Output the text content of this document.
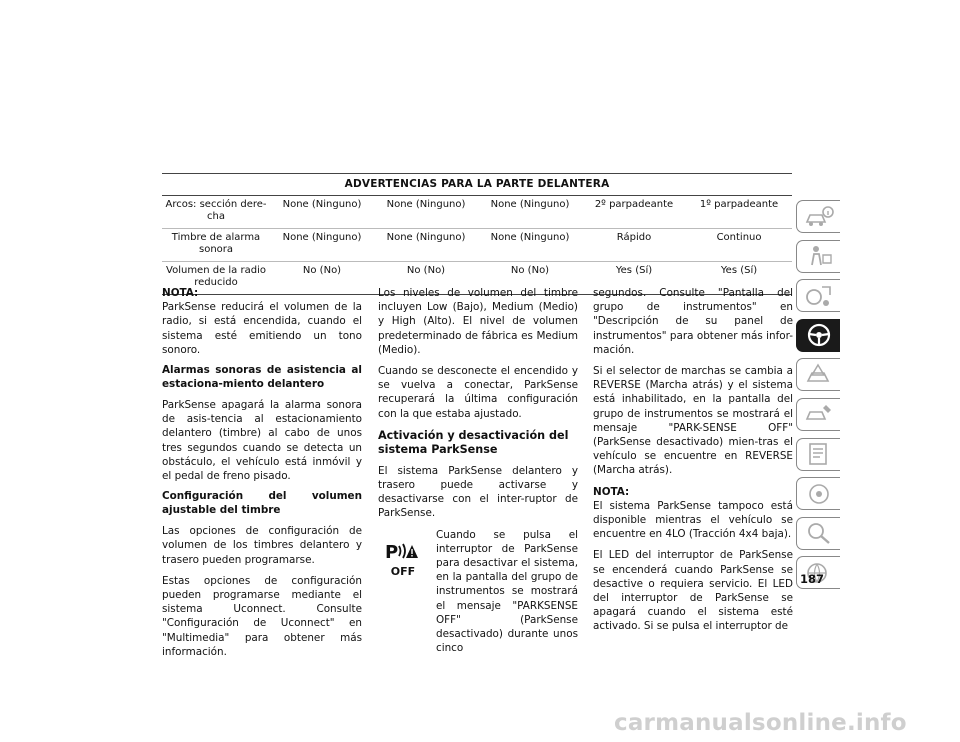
ADVERTENCIAS PARA LA PARTE DELANTERA					
Arcos: sección dere-cha	None (Ninguno)	None (Ninguno)	None (Ninguno)	2º parpadeante	1º parpadeante
Timbre de alarma sonora	None (Ninguno)	None (Ninguno)	None (Ninguno)	Rápido	Continuo
Volumen de la radio reducido	No (No)	No (No)	No (No)	Yes (Sí)	Yes (Sí)

NOTA:

ParkSense reducirá el volumen de la radio, si está encendida, cuando el sistema esté emitiendo un tono sonoro.

Alarmas sonoras de asistencia al estaciona-miento delantero

ParkSense apagará la alarma sonora de asis-tencia al estacionamiento delantero (timbre) al cabo de unos tres segundos cuando se detecta un obstáculo, el vehículo está inmóvil y el pedal de freno pisado.

Configuración del volumen ajustable del timbre

Las opciones de configuración de volumen de los timbres delantero y trasero pueden programarse.

Estas opciones de configuración pueden programarse mediante el sistema Uconnect. Consulte "Configuración de Uconnect" en "Multimedia" para obtener más información.

Los niveles de volumen del timbre incluyen Low (Bajo), Medium (Medio) y High (Alto). El nivel de volumen predeterminado de fábrica es Medium (Medio).

Cuando se desconecte el encendido y se vuelva a conectar, ParkSense recuperará la última configuración con la que estaba ajustado.

Activación y desactivación del sistema ParkSense

El sistema ParkSense delantero y trasero puede activarse y desactivarse con el inter-ruptor de ParkSense.

P
OFF
Cuando se pulsa el interruptor de ParkSense para desactivar el sistema, en la pantalla del grupo de instrumentos se mostrará el mensaje "PARKSENSE OFF" (ParkSense desactivado) durante unos cinco

segundos. Consulte "Pantalla del grupo de instrumentos" en "Descripción de su panel de instrumentos" para obtener más infor-mación.

Si el selector de marchas se cambia a REVERSE (Marcha atrás) y el sistema está inhabilitado, en la pantalla del grupo de instrumentos se mostrará el mensaje "PARK-SENSE OFF" (ParkSense desactivado) mien-tras el vehículo se encuentre en REVERSE (Marcha atrás).

NOTA:

El sistema ParkSense tampoco está disponible mientras el vehículo se encuentre en 4LO (Tracción 4x4 baja).

El LED del interruptor de ParkSense se encenderá cuando ParkSense se desactive o requiera servicio. El LED del interruptor de ParkSense se apagará cuando el sistema esté activado. Si se pulsa el interruptor de

187
carmanualsonline.info
